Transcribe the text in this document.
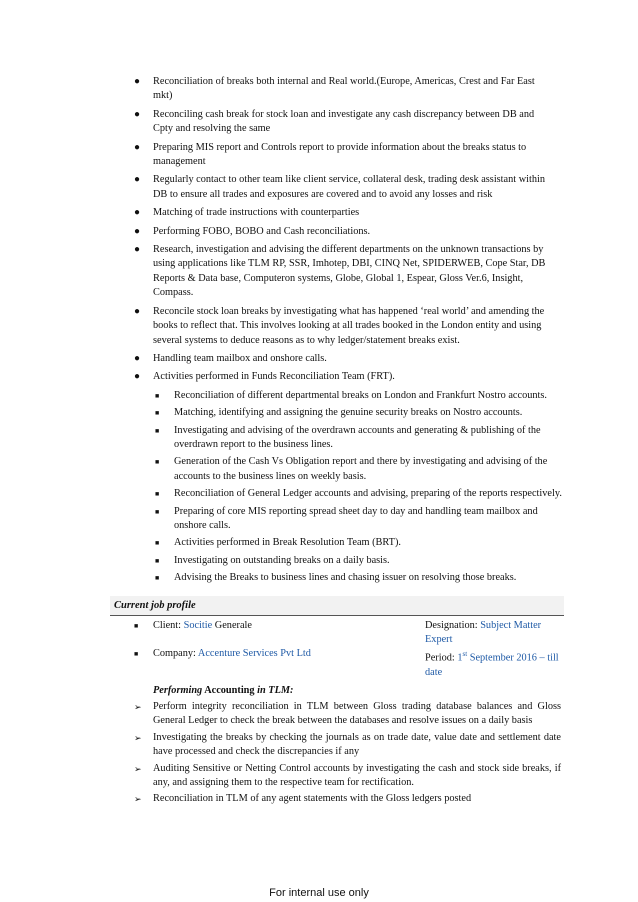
● Reconciliation of breaks both internal and Real world.(Europe, Americas, Crest and Far East mkt)
● Reconciling cash break for stock loan and investigate any cash discrepancy between DB and Cpty and resolving the same
● Preparing MIS report and Controls report to provide information about the breaks status to management
● Regularly contact to other team like client service, collateral desk, trading desk assistant within DB to ensure all trades and exposures are covered and to avoid any losses and risk
● Matching of trade instructions with counterparties
● Performing FOBO, BOBO and Cash reconciliations.
● Research, investigation and advising the different departments on the unknown transactions by using applications like TLM RP, SSR, Imhotep, DBI, CINQ Net, SPIDERWEB, Cope Star, DB Reports & Data base, Computeron systems, Globe, Global 1, Espear, Gloss Ver.6, Insight, Compass.
● Reconcile stock loan breaks by investigating what has happened ‘real world’ and amending the books to reflect that. This involves looking at all trades booked in the London entity and using several systems to deduce reasons as to why ledger/statement breaks exist.
● Handling team mailbox and onshore calls.
● Activities performed in Funds Reconciliation Team (FRT).
■ Reconciliation of different departmental breaks on London and Frankfurt Nostro accounts.
■ Matching, identifying and assigning the genuine security breaks on Nostro accounts.
■ Investigating and advising of the overdrawn accounts and generating & publishing of the overdrawn report to the business lines.
■ Generation of the Cash Vs Obligation report and there by investigating and advising of the accounts to the business lines on weekly basis.
■ Reconciliation of General Ledger accounts and advising, preparing of the reports respectively.
■ Preparing of core MIS reporting spread sheet day to day and handling team mailbox and onshore calls.
■ Activities performed in Break Resolution Team (BRT).
■ Investigating on outstanding breaks on a daily basis.
■ Advising the Breaks to business lines and chasing issuer on resolving those breaks.
Current job profile
■ Client: Socitie Generale	Designation: Subject Matter Expert
■ Company: Accenture Services Pvt Ltd	Period: 1st September 2016 – till date
Performing Accounting in TLM:
➢ Perform integrity reconciliation in TLM between Gloss trading database balances and Gloss General Ledger to check the break between the databases and resolve issues on a daily basis
➢ Investigating the breaks by checking the journals as on trade date, value date and settlement date have processed and check the discrepancies if any
➢ Auditing Sensitive or Netting Control accounts by investigating the cash and stock side breaks, if any, and assigning them to the respective team for rectification.
➢ Reconciliation in TLM of any agent statements with the Gloss ledgers posted
For internal use only
